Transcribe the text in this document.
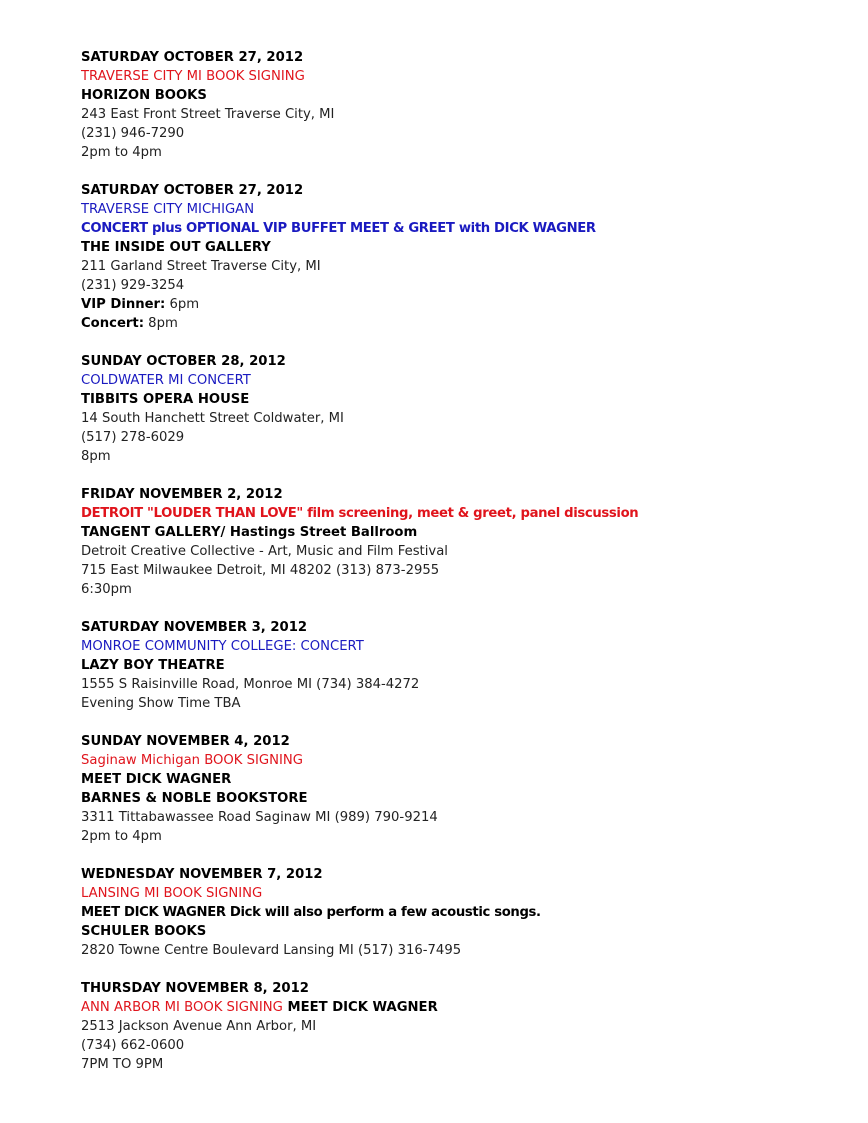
SATURDAY OCTOBER 27, 2012
TRAVERSE CITY MI BOOK SIGNING
HORIZON BOOKS
243 East Front Street Traverse City, MI
(231) 946-7290
2pm to 4pm
SATURDAY OCTOBER 27, 2012
TRAVERSE CITY MICHIGAN
CONCERT plus OPTIONAL VIP BUFFET MEET & GREET with DICK WAGNER
THE INSIDE OUT GALLERY
211 Garland Street Traverse City, MI
(231) 929-3254
VIP Dinner: 6pm
Concert: 8pm
SUNDAY OCTOBER 28, 2012
COLDWATER MI CONCERT
TIBBITS OPERA HOUSE
14 South Hanchett Street Coldwater, MI
(517) 278-6029
8pm
FRIDAY NOVEMBER 2, 2012
DETROIT "LOUDER THAN LOVE" film screening, meet & greet, panel discussion
TANGENT GALLERY/ Hastings Street Ballroom
Detroit Creative Collective - Art, Music and Film Festival
715 East Milwaukee Detroit, MI 48202 (313) 873-2955
6:30pm
SATURDAY NOVEMBER 3, 2012
MONROE COMMUNITY COLLEGE: CONCERT
LAZY BOY THEATRE
1555 S Raisinville Road, Monroe MI (734) 384-4272
Evening Show Time TBA
SUNDAY NOVEMBER 4, 2012
Saginaw Michigan BOOK SIGNING
MEET DICK WAGNER
BARNES & NOBLE BOOKSTORE
3311 Tittabawassee Road Saginaw MI (989) 790-9214
2pm to 4pm
WEDNESDAY NOVEMBER 7, 2012
LANSING MI BOOK SIGNING
MEET DICK WAGNER Dick will also perform a few acoustic songs.
SCHULER BOOKS
2820 Towne Centre Boulevard Lansing MI (517) 316-7495
THURSDAY NOVEMBER 8, 2012
ANN ARBOR MI BOOK SIGNING MEET DICK WAGNER
2513 Jackson Avenue Ann Arbor, MI
(734) 662-0600
7PM TO 9PM
